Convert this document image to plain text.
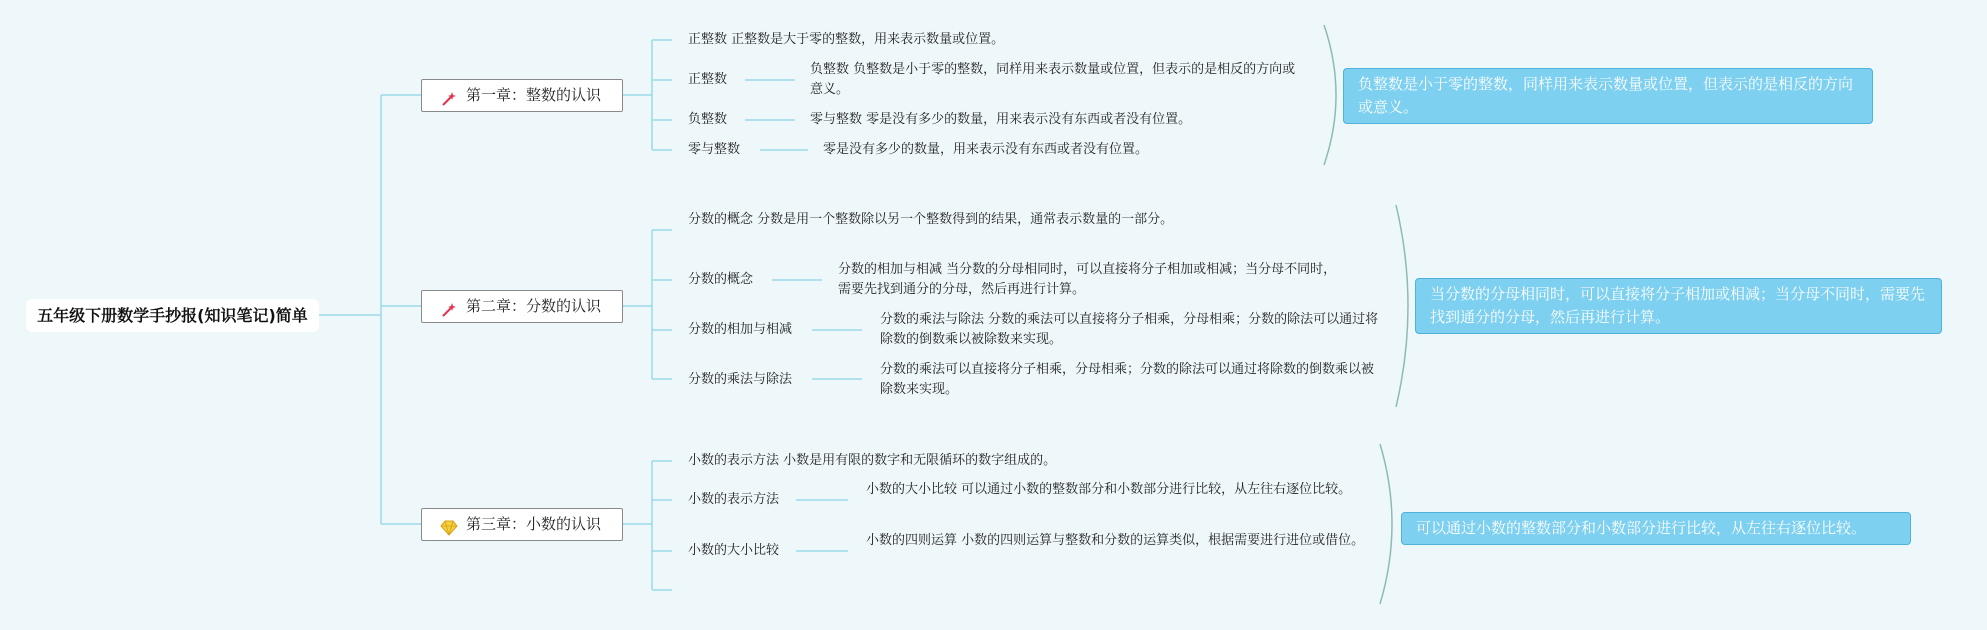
五年级下册数学手抄报(知识笔记)简单
第一章：整数的认识
正整数 正整数是大于零的整数，用来表示数量或位置。
正整数
负整数 负整数是小于零的整数，同样用来表示数量或位置，但表示的是相反的方向或意义。
负整数	零与整数 零是没有多少的数量，用来表示没有东西或者没有位置。
零与整数	零是没有多少的数量，用来表示没有东西或者没有位置。
负整数是小于零的整数，同样用来表示数量或位置，但表示的是相反的方向或意义。
第二章：分数的认识
分数的概念 分数是用一个整数除以另一个整数得到的结果，通常表示数量的一部分。
分数的概念
分数的相加与相减 当分数的分母相同时，可以直接将分子相加或相减；当分母不同时，需要先找到通分的分母，然后再进行计算。
分数的相加与相减
分数的乘法与除法 分数的乘法可以直接将分子相乘，分母相乘；分数的除法可以通过将除数的倒数乘以被除数来实现。
分数的乘法与除法
分数的乘法可以直接将分子相乘，分母相乘；分数的除法可以通过将除数的倒数乘以被除数来实现。
当分数的分母相同时，可以直接将分子相加或相减；当分母不同时，需要先找到通分的分母，然后再进行计算。
第三章：小数的认识
小数的表示方法 小数是用有限的数字和无限循环的数字组成的。
小数的表示方法
小数的大小比较 可以通过小数的整数部分和小数部分进行比较，从左往右逐位比较。
小数的大小比较
小数的四则运算 小数的四则运算与整数和分数的运算类似，根据需要进行进位或借位。
可以通过小数的整数部分和小数部分进行比较，从左往右逐位比较。
